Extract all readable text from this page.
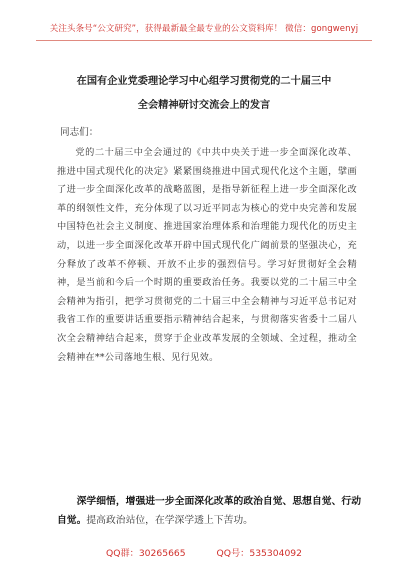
关注头条号“公文研究”，获得最新最全最专业的公文资料库！ 微信：gongwenyj
在国有企业党委理论学习中心组学习贯彻党的二十届三中
全会精神研讨交流会上的发言
同志们：
党的二十届三中全会通过的《中共中央关于进一步全面深化改革、推进中国式现代化的决定》紧紧围绕推进中国式现代化这个主题，擘画了进一步全面深化改革的战略蓝图，是指导新征程上进一步全面深化改革的纲领性文件，充分体现了以习近平同志为核心的党中央完善和发展中国特色社会主义制度、推进国家治理体系和治理能力现代化的历史主动，以进一步全面深化改革开辟中国式现代化广阔前景的坚强决心，充分释放了改革不停顿、开放不止步的强烈信号。学习好贯彻好全会精神，是当前和今后一个时期的重要政治任务。我要以党的二十届三中全会精神为指引，把学习贯彻党的二十届三中全会精神与习近平总书记对我省工作的重要讲话重要指示精神结合起来，与贯彻落实省委十二届八次全会精神结合起来，贯穿于企业改革发展的全领域、全过程，推动全会精神在**公司落地生根、见行见效。
深学细悟，增强进一步全面深化改革的政治自觉、思想自觉、行动自觉。提高政治站位，在学深学透上下苦功。
QQ群：30265665	QQ号：535304092
